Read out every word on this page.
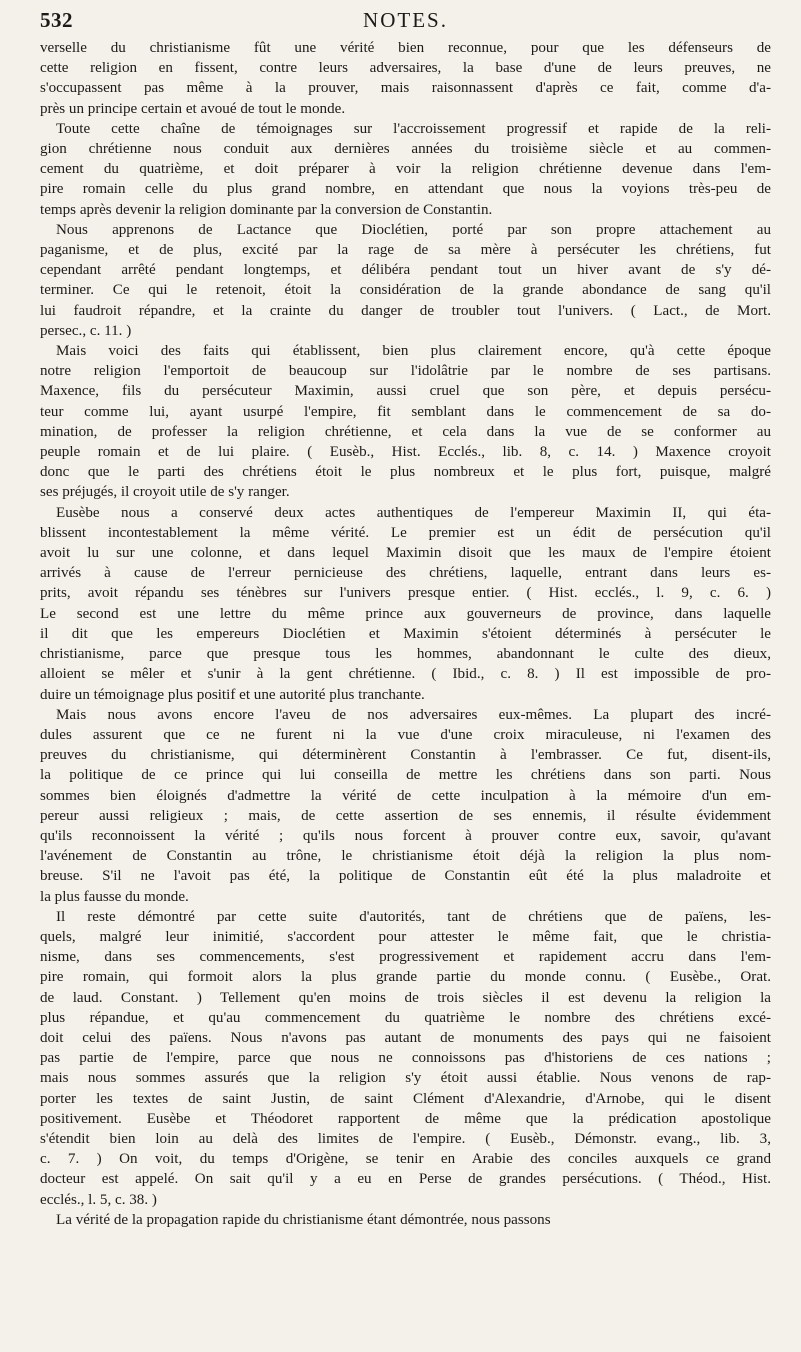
532	NOTES.
verselle du christianisme fût une vérité bien reconnue, pour que les défenseurs de
cette religion en fissent, contre leurs adversaires, la base d'une de leurs preuves, ne
s'occupassent pas même à la prouver, mais raisonnassent d'après ce fait, comme d'a-
près un principe certain et avoué de tout le monde.
Toute cette chaîne de témoignages sur l'accroissement progressif et rapide de la reli-
gion chrétienne nous conduit aux dernières années du troisième siècle et au commen-
cement du quatrième, et doit préparer à voir la religion chrétienne devenue dans l'em-
pire romain celle du plus grand nombre, en attendant que nous la voyions très-peu de
temps après devenir la religion dominante par la conversion de Constantin.
Nous apprenons de Lactance que Dioclétien, porté par son propre attachement au
paganisme, et de plus, excité par la rage de sa mère à persécuter les chrétiens, fut
cependant arrêté pendant longtemps, et délibéra pendant tout un hiver avant de s'y dé-
terminer. Ce qui le retenoit, étoit la considération de la grande abondance de sang qu'il
lui faudroit répandre, et la crainte du danger de troubler tout l'univers. ( Lact., de Mort.
persec., c. 11. )
Mais voici des faits qui établissent, bien plus clairement encore, qu'à cette époque
notre religion l'emportoit de beaucoup sur l'idolâtrie par le nombre de ses partisans.
Maxence, fils du persécuteur Maximin, aussi cruel que son père, et depuis persécu-
teur comme lui, ayant usurpé l'empire, fit semblant dans le commencement de sa do-
mination, de professer la religion chrétienne, et cela dans la vue de se conformer au
peuple romain et de lui plaire. ( Eusèb., Hist. Ecclés., lib. 8, c. 14. ) Maxence croyoit
donc que le parti des chrétiens étoit le plus nombreux et le plus fort, puisque, malgré
ses préjugés, il croyoit utile de s'y ranger.
Eusèbe nous a conservé deux actes authentiques de l'empereur Maximin II, qui éta-
blissent incontestablement la même vérité. Le premier est un édit de persécution qu'il
avoit lu sur une colonne, et dans lequel Maximin disoit que les maux de l'empire étoient
arrivés à cause de l'erreur pernicieuse des chrétiens, laquelle, entrant dans leurs es-
prits, avoit répandu ses ténèbres sur l'univers presque entier. ( Hist. ecclés., l. 9, c. 6. )
Le second est une lettre du même prince aux gouverneurs de province, dans laquelle
il dit que les empereurs Dioclétien et Maximin s'étoient déterminés à persécuter le
christianisme, parce que presque tous les hommes, abandonnant le culte des dieux,
alloient se mêler et s'unir à la gent chrétienne. ( Ibid., c. 8. ) Il est impossible de pro-
duire un témoignage plus positif et une autorité plus tranchante.
Mais nous avons encore l'aveu de nos adversaires eux-mêmes. La plupart des incré-
dules assurent que ce ne furent ni la vue d'une croix miraculeuse, ni l'examen des
preuves du christianisme, qui déterminèrent Constantin à l'embrasser. Ce fut, disent-ils,
la politique de ce prince qui lui conseilla de mettre les chrétiens dans son parti. Nous
sommes bien éloignés d'admettre la vérité de cette inculpation à la mémoire d'un em-
pereur aussi religieux ; mais, de cette assertion de ses ennemis, il résulte évidemment
qu'ils reconnoissent la vérité ; qu'ils nous forcent à prouver contre eux, savoir, qu'avant
l'avénement de Constantin au trône, le christianisme étoit déjà la religion la plus nom-
breuse. S'il ne l'avoit pas été, la politique de Constantin eût été la plus maladroite et
la plus fausse du monde.
Il reste démontré par cette suite d'autorités, tant de chrétiens que de païens, les-
quels, malgré leur inimitié, s'accordent pour attester le même fait, que le christia-
nisme, dans ses commencements, s'est progressivement et rapidement accru dans l'em-
pire romain, qui formoit alors la plus grande partie du monde connu. ( Eusèbe., Orat.
de laud. Constant. ) Tellement qu'en moins de trois siècles il est devenu la religion la
plus répandue, et qu'au commencement du quatrième le nombre des chrétiens excé-
doit celui des païens. Nous n'avons pas autant de monuments des pays qui ne faisoient
pas partie de l'empire, parce que nous ne connoissons pas d'historiens de ces nations ;
mais nous sommes assurés que la religion s'y étoit aussi établie. Nous venons de rap-
porter les textes de saint Justin, de saint Clément d'Alexandrie, d'Arnobe, qui le disent
positivement. Eusèbe et Théodoret rapportent de même que la prédication apostolique
s'étendit bien loin au delà des limites de l'empire. ( Eusèb., Démonstr. evang., lib. 3,
c. 7. ) On voit, du temps d'Origène, se tenir en Arabie des conciles auxquels ce grand
docteur est appelé. On sait qu'il y a eu en Perse de grandes persécutions. ( Théod., Hist.
ecclés., l. 5, c. 38. )
La vérité de la propagation rapide du christianisme étant démontrée, nous passons
